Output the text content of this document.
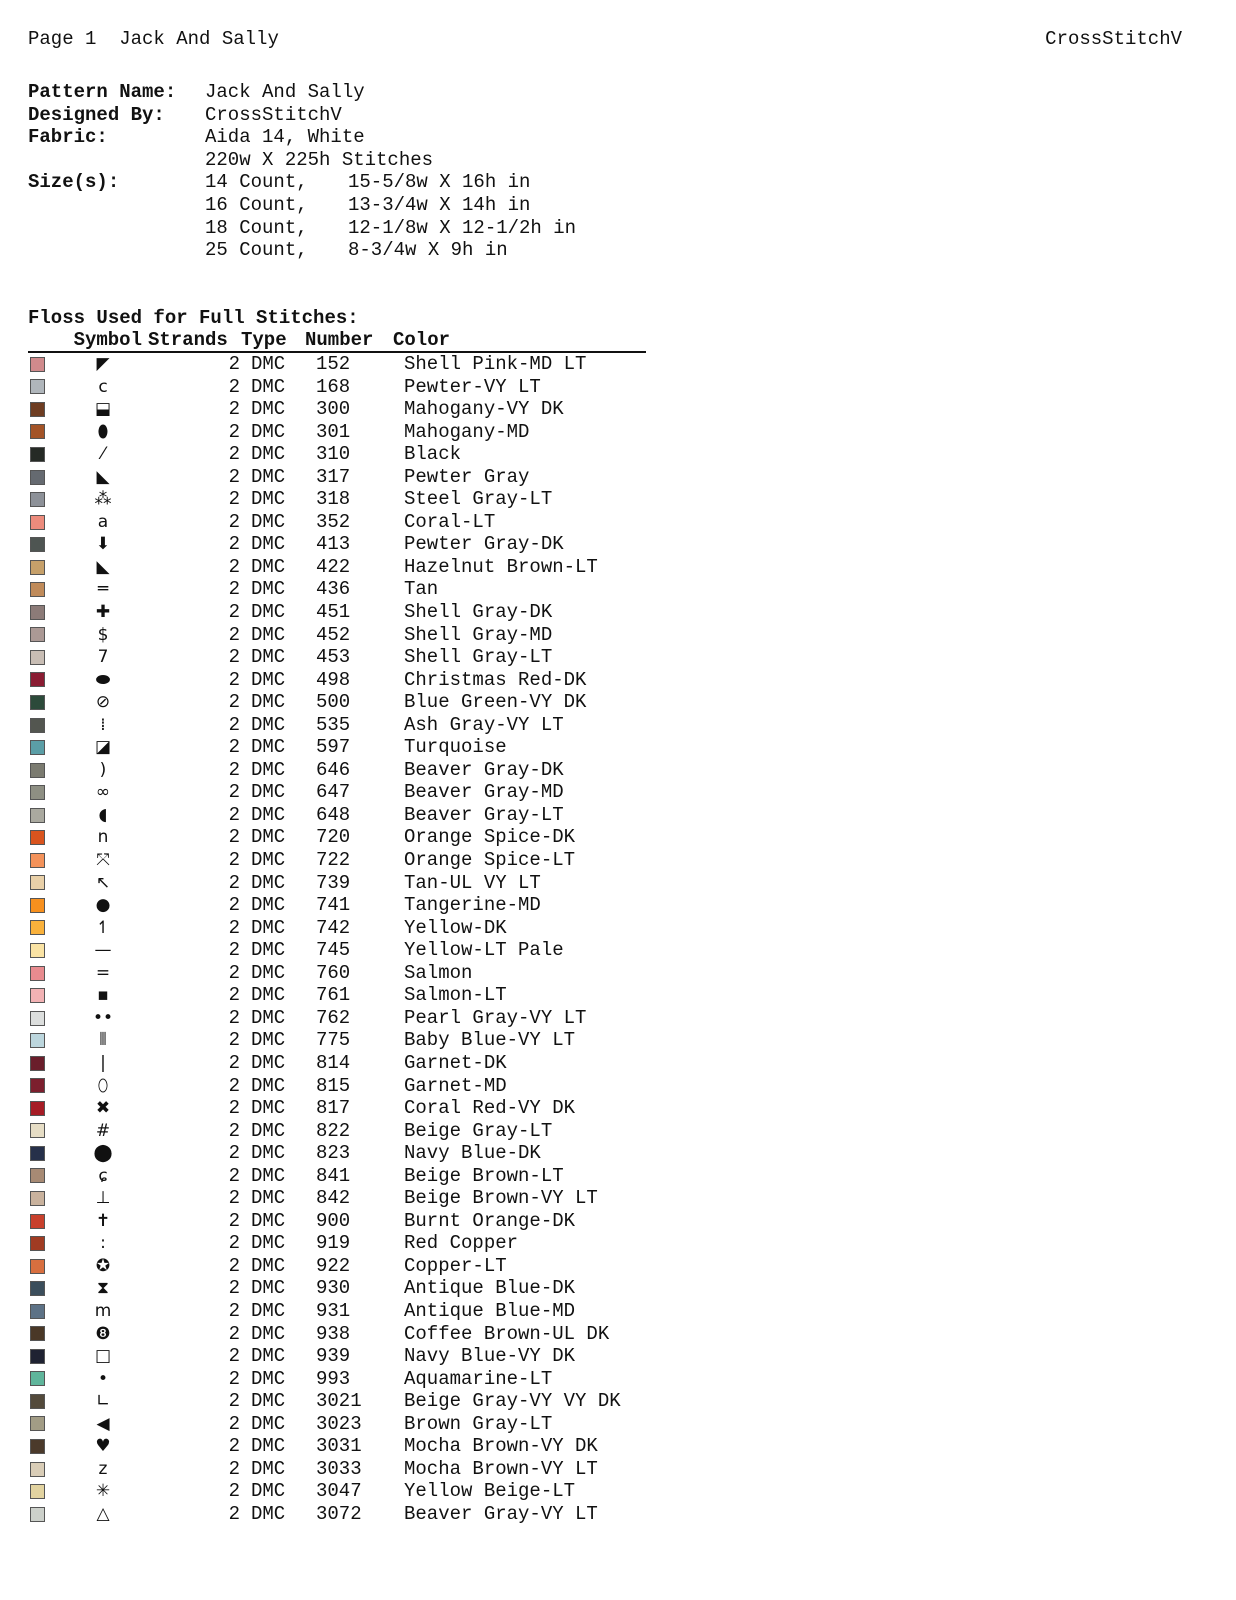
Page 1  Jack And Sally	CrossStitchV
Pattern Name:	Jack And Sally
Designed By:	CrossStitchV
Fabric:	Aida 14, White
220w X 225h Stitches
Size(s):	14 Count, 15-5/8w X 16h in
16 Count, 13-3/4w X 14h in
18 Count, 12-1/8w X 12-1/2h in
25 Count, 8-3/4w X 9h in
Floss Used for Full Stitches:
Symbol Strands Type Number	Color
◤	2 DMC	152	Shell Pink-MD LT
c	2 DMC	168	Pewter-VY LT
⬓	2 DMC	300	Mahogany-VY DK
⬮	2 DMC	301	Mahogany-MD
⁄	2 DMC	310	Black
◣	2 DMC	317	Pewter Gray
⁂	2 DMC	318	Steel Gray-LT
a	2 DMC	352	Coral-LT
⬇	2 DMC	413	Pewter Gray-DK
◣	2 DMC	422	Hazelnut Brown-LT
═	2 DMC	436	Tan
✚	2 DMC	451	Shell Gray-DK
$	2 DMC	452	Shell Gray-MD
7	2 DMC	453	Shell Gray-LT
⬬	2 DMC	498	Christmas Red-DK
⊘	2 DMC	500	Blue Green-VY DK
⁞	2 DMC	535	Ash Gray-VY LT
◪	2 DMC	597	Turquoise
)	2 DMC	646	Beaver Gray-DK
∞	2 DMC	647	Beaver Gray-MD
◖	2 DMC	648	Beaver Gray-LT
n	2 DMC	720	Orange Spice-DK
⤧	2 DMC	722	Orange Spice-LT
↖	2 DMC	739	Tan-UL VY LT
●	2 DMC	741	Tangerine-MD
↿	2 DMC	742	Yellow-DK
—	2 DMC	745	Yellow-LT Pale
=	2 DMC	760	Salmon
▪	2 DMC	761	Salmon-LT
••	2 DMC	762	Pearl Gray-VY LT
⦀	2 DMC	775	Baby Blue-VY LT
|	2 DMC	814	Garnet-DK
⬯	2 DMC	815	Garnet-MD
✖	2 DMC	817	Coral Red-VY DK
#	2 DMC	822	Beige Gray-LT
⬤	2 DMC	823	Navy Blue-DK
ɕ	2 DMC	841	Beige Brown-LT
⊥	2 DMC	842	Beige Brown-VY LT
✝	2 DMC	900	Burnt Orange-DK
:	2 DMC	919	Red Copper
✪	2 DMC	922	Copper-LT
⧗	2 DMC	930	Antique Blue-DK
m	2 DMC	931	Antique Blue-MD
❽	2 DMC	938	Coffee Brown-UL DK
□	2 DMC	939	Navy Blue-VY DK
•	2 DMC	993	Aquamarine-LT
∟	2 DMC	3021	Beige Gray-VY VY DK
◀	2 DMC	3023	Brown Gray-LT
♥	2 DMC	3031	Mocha Brown-VY DK
z	2 DMC	3033	Mocha Brown-VY LT
✳	2 DMC	3047	Yellow Beige-LT
△	2 DMC	3072	Beaver Gray-VY LT
